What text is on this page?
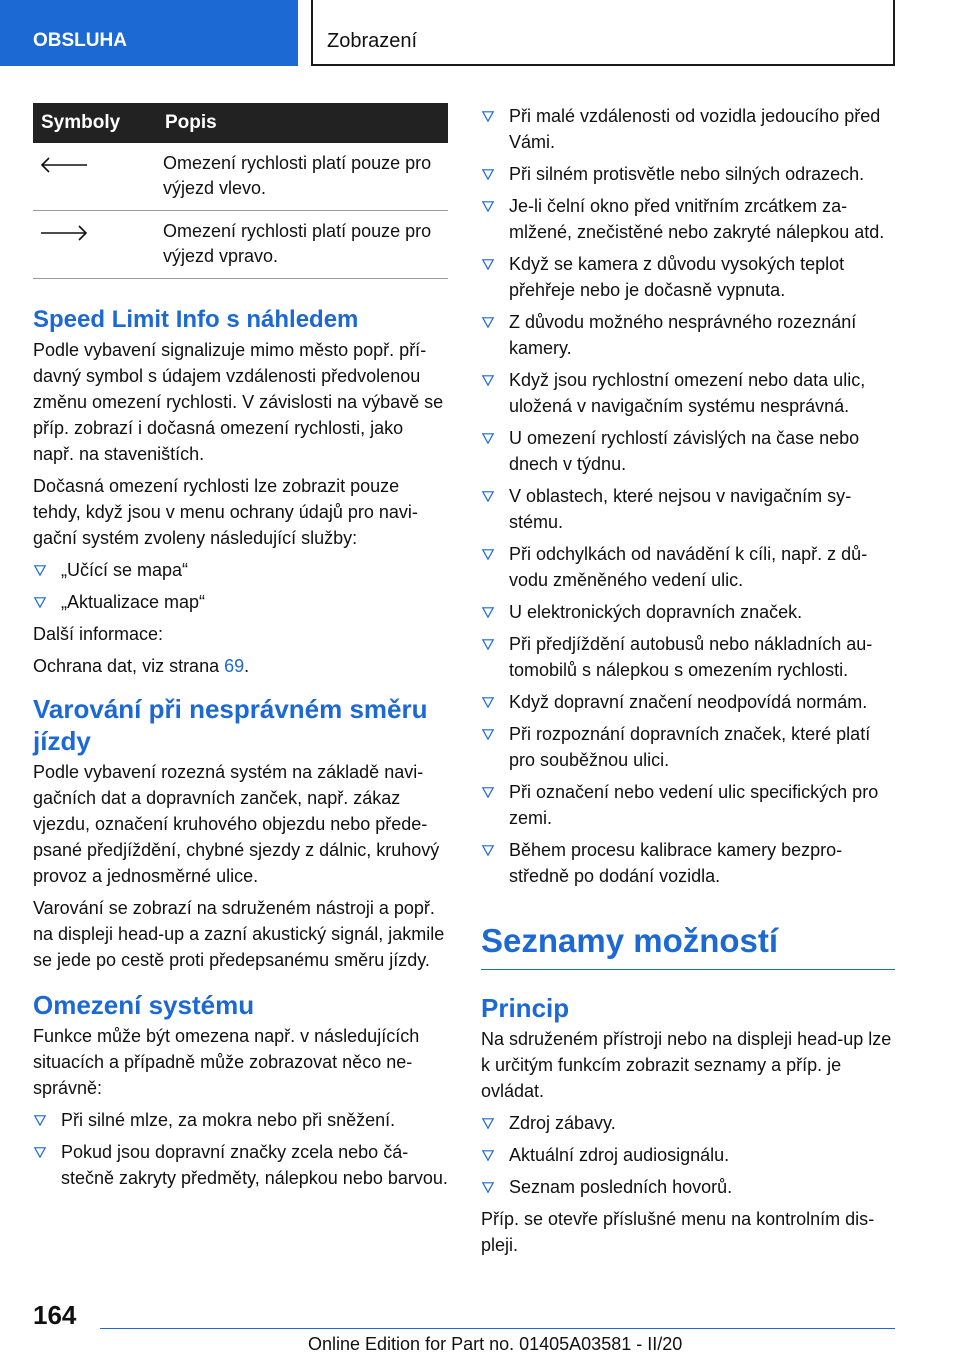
OBSLUHA	Zobrazení
Symboly	Popis

	Omezení rychlosti platí pouze pro výjezd vlevo.

	Omezení rychlosti platí pouze pro výjezd vpravo.
Speed Limit Info s náhledem

Podle vybavení signalizuje mimo město popř. přídavný symbol s údajem vzdálenosti předvolenou změnu omezení rychlosti. V závislosti na výbavě se příp. zobrazí i dočasná omezení rychlosti, jako např. na staveništích.

Dočasná omezení rychlosti lze zobrazit pouze tehdy, když jsou v menu ochrany údajů pro navigační systém zvoleny následující služby:

„Učící se mapa“
„Aktualizace map“

Další informace:

Ochrana dat, viz strana 69.

Varování při nesprávném směru jízdy

Podle vybavení rozezná systém na základě navigačních dat a dopravních zanček, např. zákaz vjezdu, označení kruhového objezdu nebo předepsané předjíždění, chybné sjezdy z dálnic, kruhový provoz a jednosměrné ulice.

Varování se zobrazí na sdruženém nástroji a popř. na displeji head-up a zazní akustický signál, jakmile se jede po cestě proti předepsanému směru jízdy.

Omezení systému

Funkce může být omezena např. v následujících situacích a případně může zobrazovat něco nesprávně:

Při silné mlze, za mokra nebo při sněžení.
Pokud jsou dopravní značky zcela nebo částečně zakryty předměty, nálepkou nebo barvou.
Při malé vzdálenosti od vozidla jedoucího před Vámi.
Při silném protisvětle nebo silných odrazech.
Je-li čelní okno před vnitřním zrcátkem zamlžené, znečistěné nebo zakryté nálepkou atd.
Když se kamera z důvodu vysokých teplot přehřeje nebo je dočasně vypnuta.
Z důvodu možného nesprávného rozeznání kamery.
Když jsou rychlostní omezení nebo data ulic, uložená v navigačním systému nesprávná.
U omezení rychlostí závislých na čase nebo dnech v týdnu.
V oblastech, které nejsou v navigačním systému.
Při odchylkách od navádění k cíli, např. z důvodu změněného vedení ulic.
U elektronických dopravních značek.
Při předjíždění autobusů nebo nákladních automobilů s nálepkou s omezením rychlosti.
Když dopravní značení neodpovídá normám.
Při rozpoznání dopravních značek, které platí pro souběžnou ulici.
Při označení nebo vedení ulic specifických pro zemi.
Během procesu kalibrace kamery bezprostředně po dodání vozidla.
Seznamy možností
Princip

Na sdruženém přístroji nebo na displeji head-up lze k určitým funkcím zobrazit seznamy a příp. je ovládat.

Zdroj zábavy.
Aktuální zdroj audiosignálu.
Seznam posledních hovorů.

Příp. se otevře příslušné menu na kontrolním displeji.

164
Online Edition for Part no. 01405A03581 - II/20
